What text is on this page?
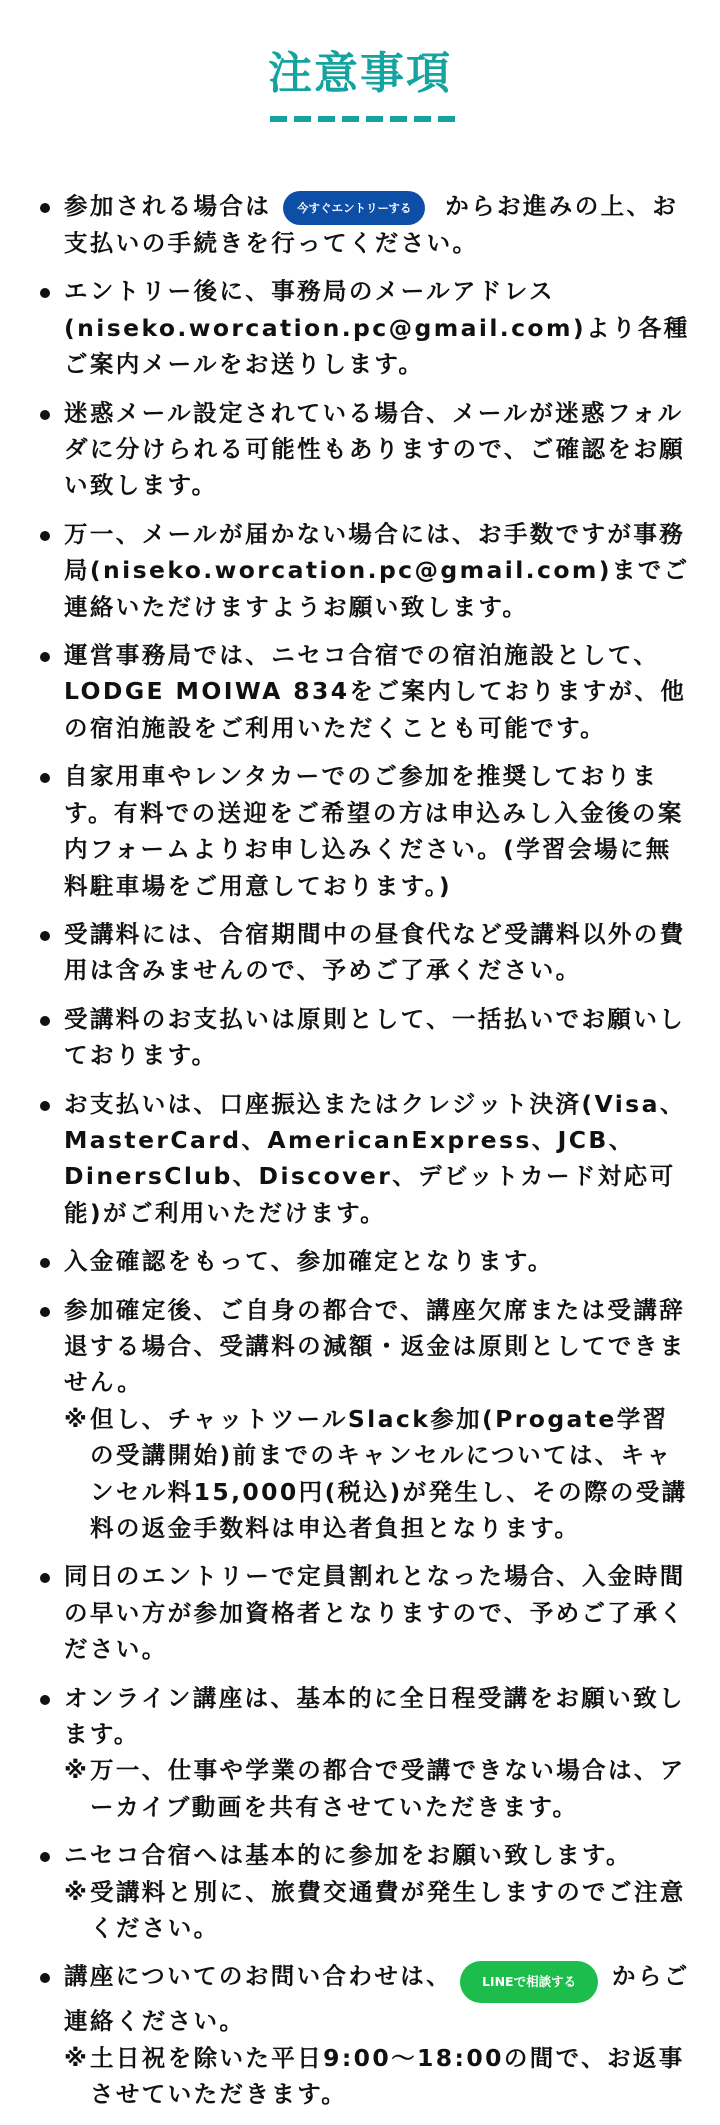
注意事項
参加される場合は 今すぐエントリーする からお進みの上、お支払いの手続きを行ってください。
エントリー後に、事務局のメールアドレス(niseko.worcation.pc@gmail.com)より各種ご案内メールをお送りします。
迷惑メール設定されている場合、メールが迷惑フォルダに分けられる可能性もありますので、ご確認をお願い致します。
万一、メールが届かない場合には、お手数ですが事務局(niseko.worcation.pc@gmail.com)までご連絡いただけますようお願い致します。
運営事務局では、ニセコ合宿での宿泊施設として、LODGE MOIWA 834をご案内しておりますが、他の宿泊施設をご利用いただくことも可能です。
自家用車やレンタカーでのご参加を推奨しております。有料での送迎をご希望の方は申込みし入金後の案内フォームよりお申し込みください。(学習会場に無料駐車場をご用意しております。)
受講料には、合宿期間中の昼食代など受講料以外の費用は含みませんので、予めご了承ください。
受講料のお支払いは原則として、一括払いでお願いしております。
お支払いは、口座振込またはクレジット決済(Visa、MasterCard、AmericanExpress、JCB、DinersClub、Discover、デビットカード対応可能)がご利用いただけます。
入金確認をもって、参加確定となります。
参加確定後、ご自身の都合で、講座欠席または受講辞退する場合、受講料の減額・返金は原則としてできません。
※但し、チャットツールSlack参加(Progate学習の受講開始)前までのキャンセルについては、キャンセル料15,000円(税込)が発生し、その際の受講料の返金手数料は申込者負担となります。
同日のエントリーで定員割れとなった場合、入金時間の早い方が参加資格者となりますので、予めご了承ください。
オンライン講座は、基本的に全日程受講をお願い致します。
※万一、仕事や学業の都合で受講できない場合は、アーカイブ動画を共有させていただきます。
ニセコ合宿へは基本的に参加をお願い致します。
※受講料と別に、旅費交通費が発生しますのでご注意ください。
講座についてのお問い合わせは、 LINEで相談する からご連絡ください。
※土日祝を除いた平日9:00〜18:00の間で、お返事させていただきます。
